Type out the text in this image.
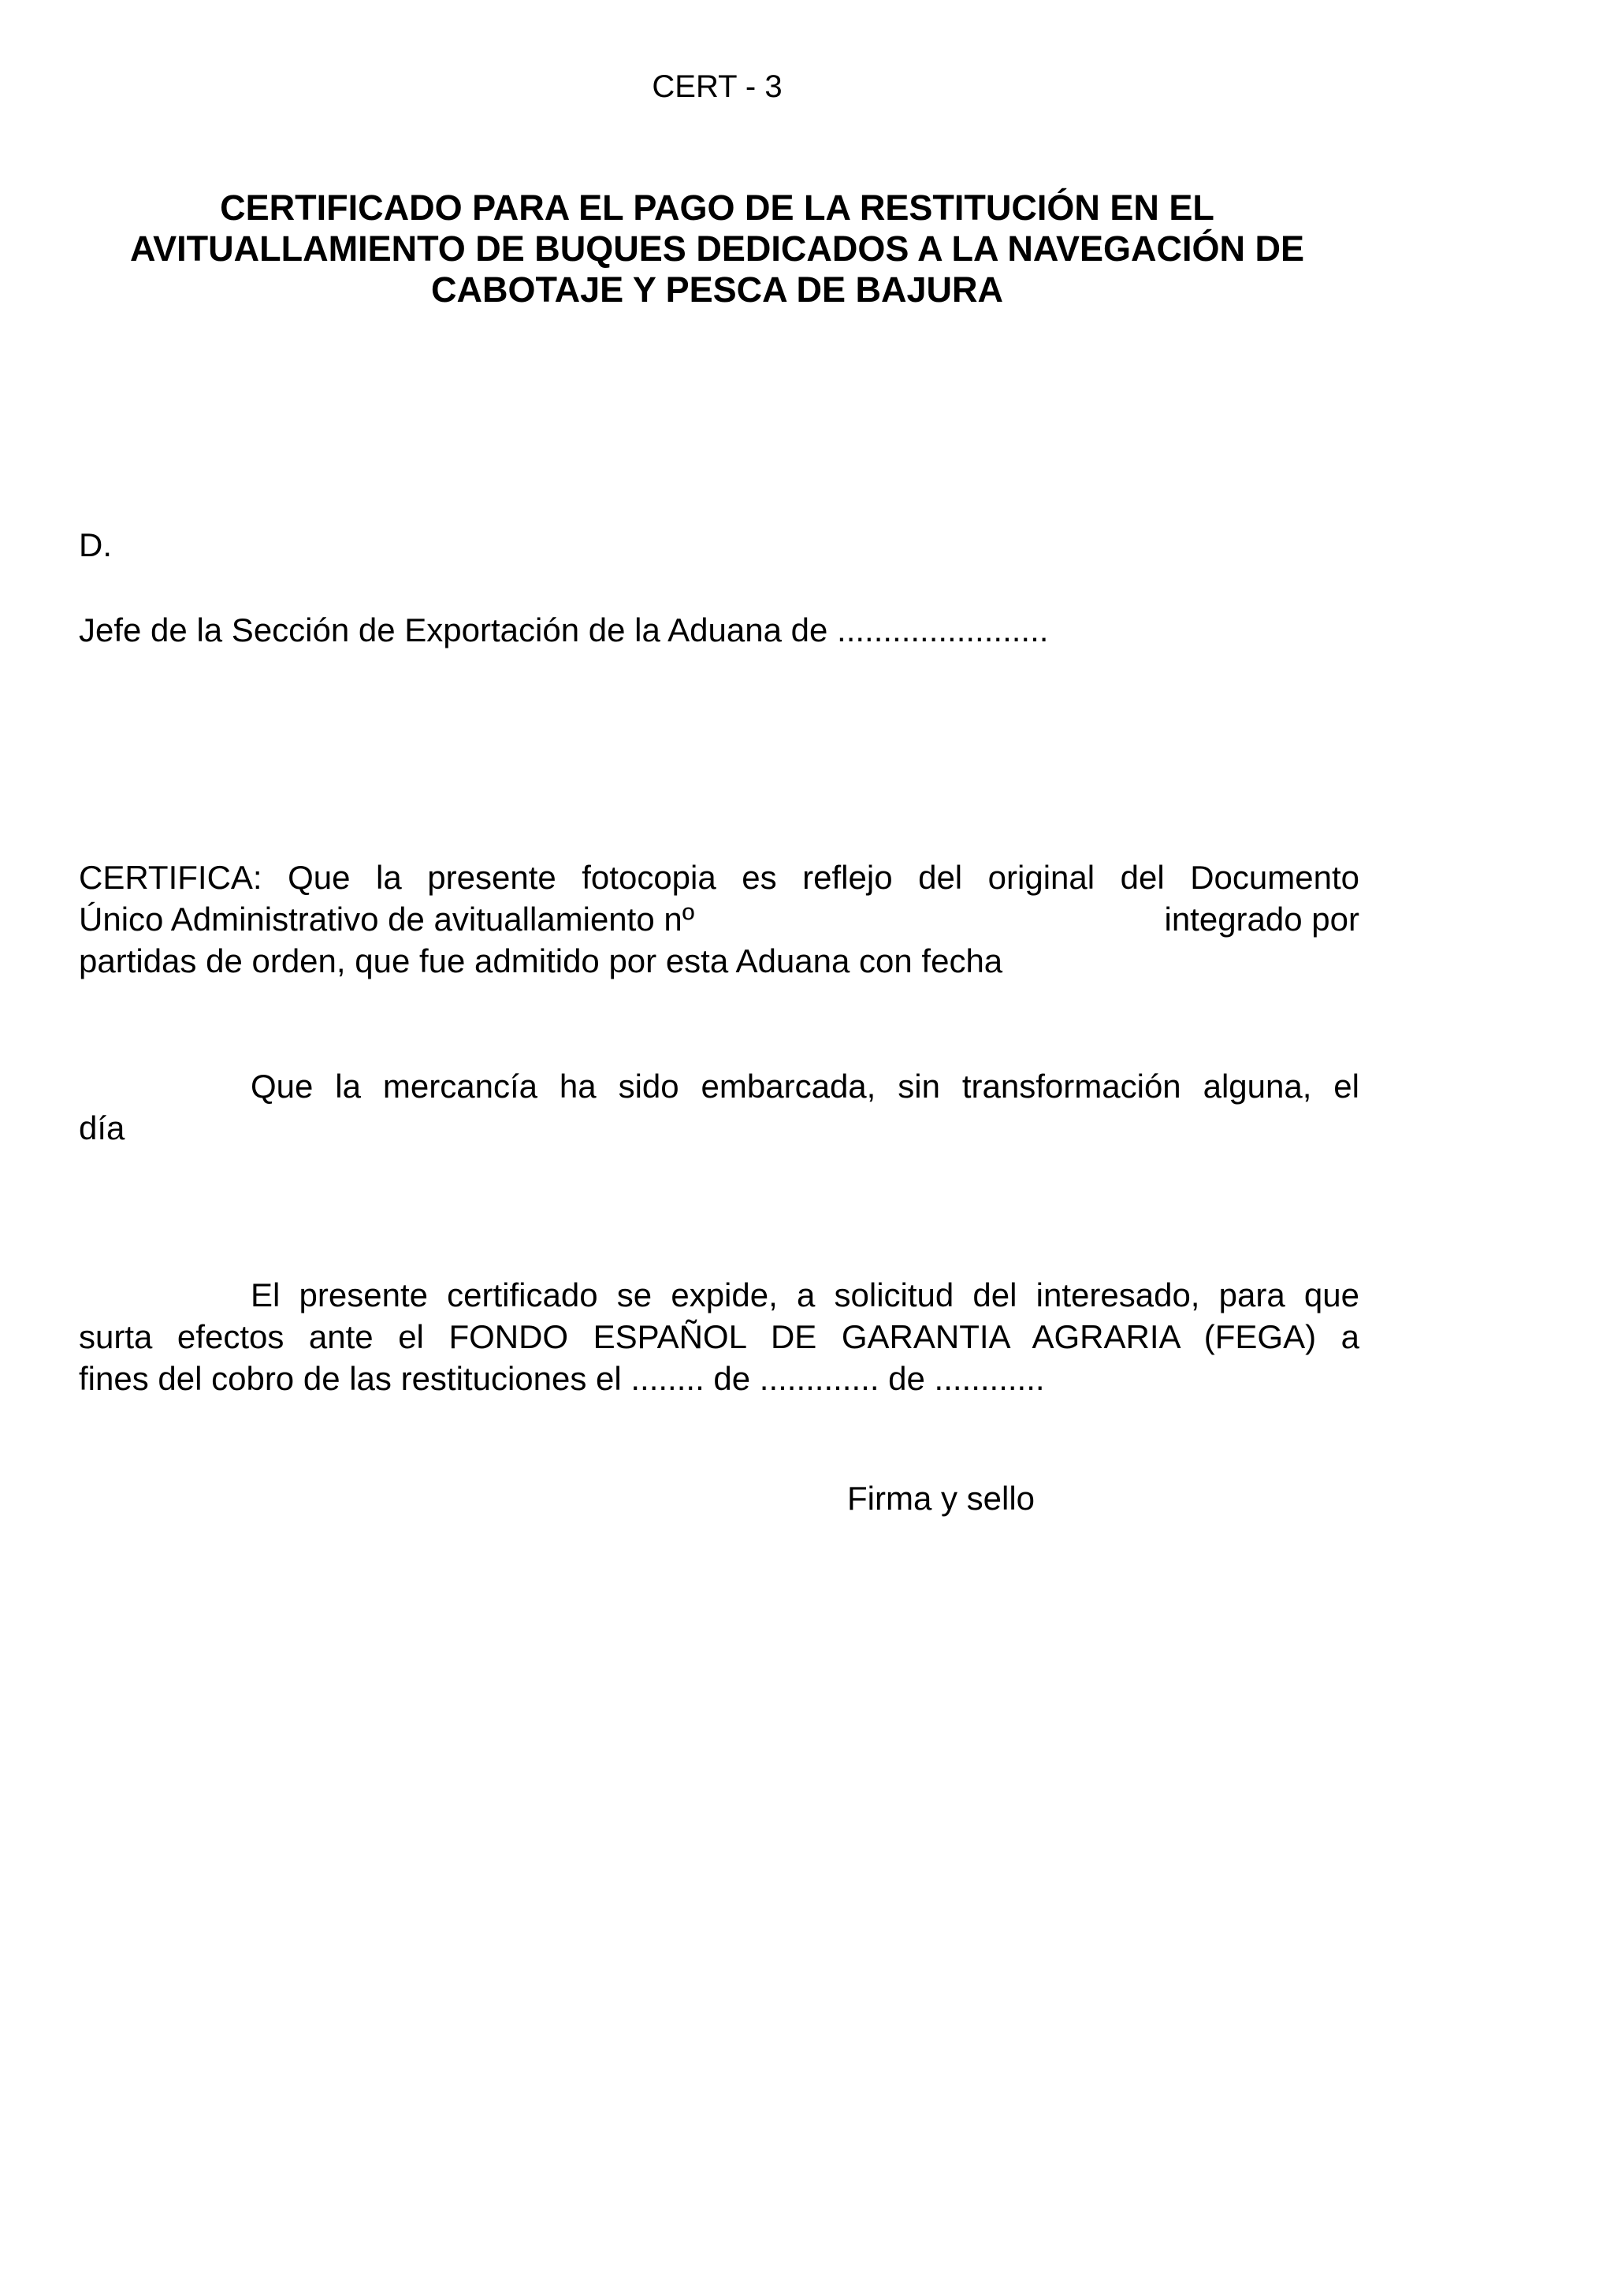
CERT - 3
CERTIFICADO PARA EL PAGO DE LA RESTITUCIÓN EN EL
AVITUALLAMIENTO DE BUQUES DEDICADOS A LA NAVEGACIÓN DE
CABOTAJE Y PESCA DE BAJURA
D.
Jefe de la Sección de Exportación de la Aduana de .......................
CERTIFICA: Que la presente fotocopia es reflejo del original del Documento
Único Administrativo de avituallamiento nº	integrado por
partidas de orden, que fue admitido por esta Aduana con fecha
Que la mercancía ha sido embarcada, sin transformación alguna, el
día
El presente certificado se expide, a solicitud del interesado, para que
surta efectos ante el FONDO ESPAÑOL DE GARANTIA AGRARIA (FEGA) a
fines del cobro de las restituciones el ........ de ............. de ............
Firma y sello
